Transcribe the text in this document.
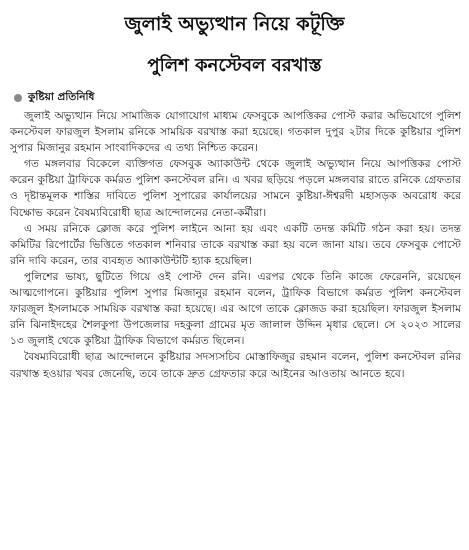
জুলাই অভ্যুত্থান নিয়ে কটূক্তি
পুলিশ কনস্টেবল বরখাস্ত
কুষ্টিয়া প্রতিনিধি

জুলাই অভ্যুত্থান নিয়ে সামাজিক যোগাযোগ মাধ্যম ফেসবুকে আপত্তিকর পোস্ট করার অভিযোগে পুলিশ কনস্টেবল ফারজুল ইসলাম রনিকে সাময়িক বরখাস্ত করা হয়েছে। গতকাল দুপুর ২টার দিকে কুষ্টিয়ার পুলিশ সুপার মিজানুর রহমান সাংবাদিকদের এ তথ্য নিশ্চিত করেন।

গত মঙ্গলবার বিকেলে ব্যক্তিগত ফেসবুক অ্যাকাউন্ট থেকে জুলাই অভ্যুত্থান নিয়ে আপত্তিকর পোস্ট করেন কুষ্টিয়া ট্রাফিকে কর্মরত পুলিশ কনস্টেবল রনি। এ খবর ছড়িয়ে পড়লে মঙ্গলবার রাতে রনিকে গ্রেফতার ও দৃষ্টান্তমূলক শাস্তির দাবিতে পুলিশ সুপারের কার্যালয়ের সামনে কুষ্টিয়া-ঈশ্বরদী মহাসড়ক অবরোধ করে বিক্ষোভ করেন বৈষম্যবিরোধী ছাত্র আন্দোলনের নেতা-কর্মীরা।

এ সময় রনিকে ক্লোজ করে পুলিশ লাইনে আনা হয় এবং একটি তদন্ত কমিটি গঠন করা হয়। তদন্ত কমিটির রিপোর্টের ভিত্তিতে গতকাল শনিবার তাকে বরখাস্ত করা হয় বলে জানা যায়। তবে ফেসবুক পোস্টে রনি দাবি করেন, তার ব্যবহৃত অ্যাকাউন্টটি হ্যাক হয়েছিল।

পুলিশের ভাষ্য, ছুটিতে গিয়ে ওই পোস্ট দেন রনি। এরপর থেকে তিনি কাজে ফেরেননি, রয়েছেন আত্মগোপনে। কুষ্টিয়ার পুলিশ সুপার মিজানুর রহমান বলেন, ট্রাফিক বিভাগে কর্মরত পুলিশ কনস্টেবল ফারজুল ইসলামকে সাময়িক বরখাস্ত করা হয়েছে। এর আগে তাকে ক্লোজড করা হয়েছিল। ফারজুল ইসলাম রনি ঝিনাইদহের শৈলকুপা উপজেলার দহকুলা গ্রামের মৃত জালাল উদ্দিন মৃধার ছেলে। সে ২০২৩ সালের ১৩ জুলাই থেকে কুষ্টিয়া ট্রাফিক বিভাগে কর্মরত ছিলেন।

বৈষম্যবিরোধী ছাত্র আন্দোলনে কুষ্টিয়ার সদস্যসচিব মোস্তাফিজুর রহমান বলেন, পুলিশ কনস্টেবল রনির বরখাস্ত হওয়ার খবর জেনেছি, তবে তাকে দ্রুত গ্রেফতার করে আইনের আওতায় আনতে হবে।
